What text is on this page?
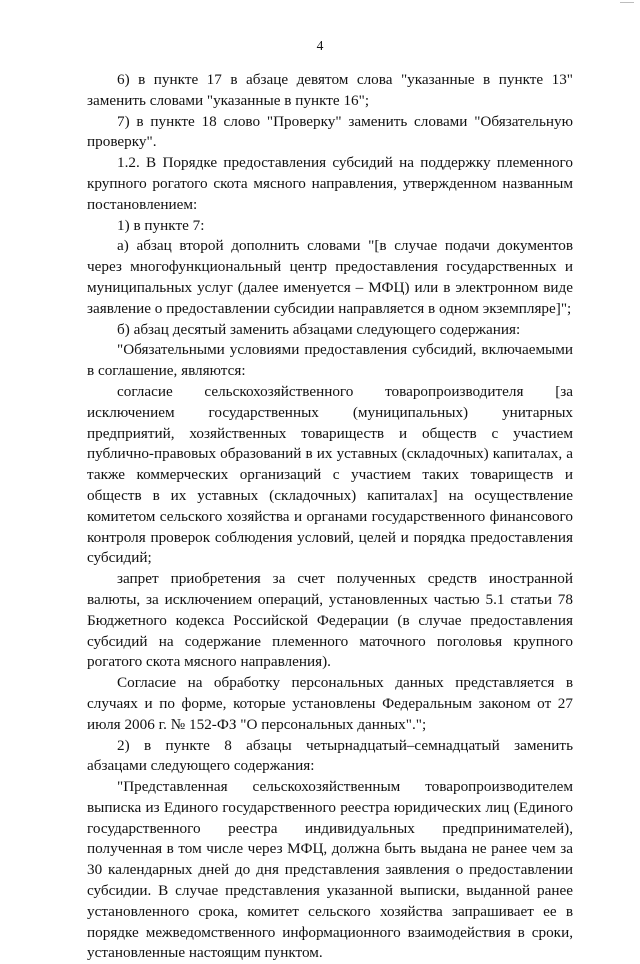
4

6) в пункте 17 в абзаце девятом слова "указанные в пункте 13" заменить словами "указанные в пункте 16";

7) в пункте 18 слово "Проверку" заменить словами "Обязательную проверку".

1.2. В Порядке предоставления субсидий на поддержку племенного крупного рогатого скота мясного направления, утвержденном названным постановлением:

1) в пункте 7:

а) абзац второй дополнить словами "[в случае подачи документов через многофункциональный центр предоставления государственных и муниципальных услуг (далее именуется – МФЦ) или в электронном виде заявление о предоставлении субсидии направляется в одном экземпляре]";

б) абзац десятый заменить абзацами следующего содержания:

"Обязательными условиями предоставления субсидий, включаемыми в соглашение, являются:

согласие сельскохозяйственного товаропроизводителя [за исключением государственных (муниципальных) унитарных предприятий, хозяйственных товариществ и обществ с участием публично-правовых образований в их уставных (складочных) капиталах, а также коммерческих организаций с участием таких товариществ и обществ в их уставных (складочных) капиталах] на осуществление комитетом сельского хозяйства и органами государственного финансового контроля проверок соблюдения условий, целей и порядка предоставления субсидий;

запрет приобретения за счет полученных средств иностранной валюты, за исключением операций, установленных частью 5.1 статьи 78 Бюджетного кодекса Российской Федерации (в случае предоставления субсидий на содержание племенного маточного поголовья крупного рогатого скота мясного направления).

Согласие на обработку персональных данных представляется в случаях и по форме, которые установлены Федеральным законом от 27 июля 2006 г. № 152-ФЗ "О персональных данных".";

2) в пункте 8 абзацы четырнадцатый–семнадцатый заменить абзацами следующего содержания:

"Представленная сельскохозяйственным товаропроизводителем выписка из Единого государственного реестра юридических лиц (Единого государственного реестра индивидуальных предпринимателей), полученная в том числе через МФЦ, должна быть выдана не ранее чем за 30 календарных дней до дня представления заявления о предоставлении субсидии. В случае представления указанной выписки, выданной ранее установленного срока, комитет сельского хозяйства запрашивает ее в порядке межведомственного информационного взаимодействия в сроки, установленные настоящим пунктом.
